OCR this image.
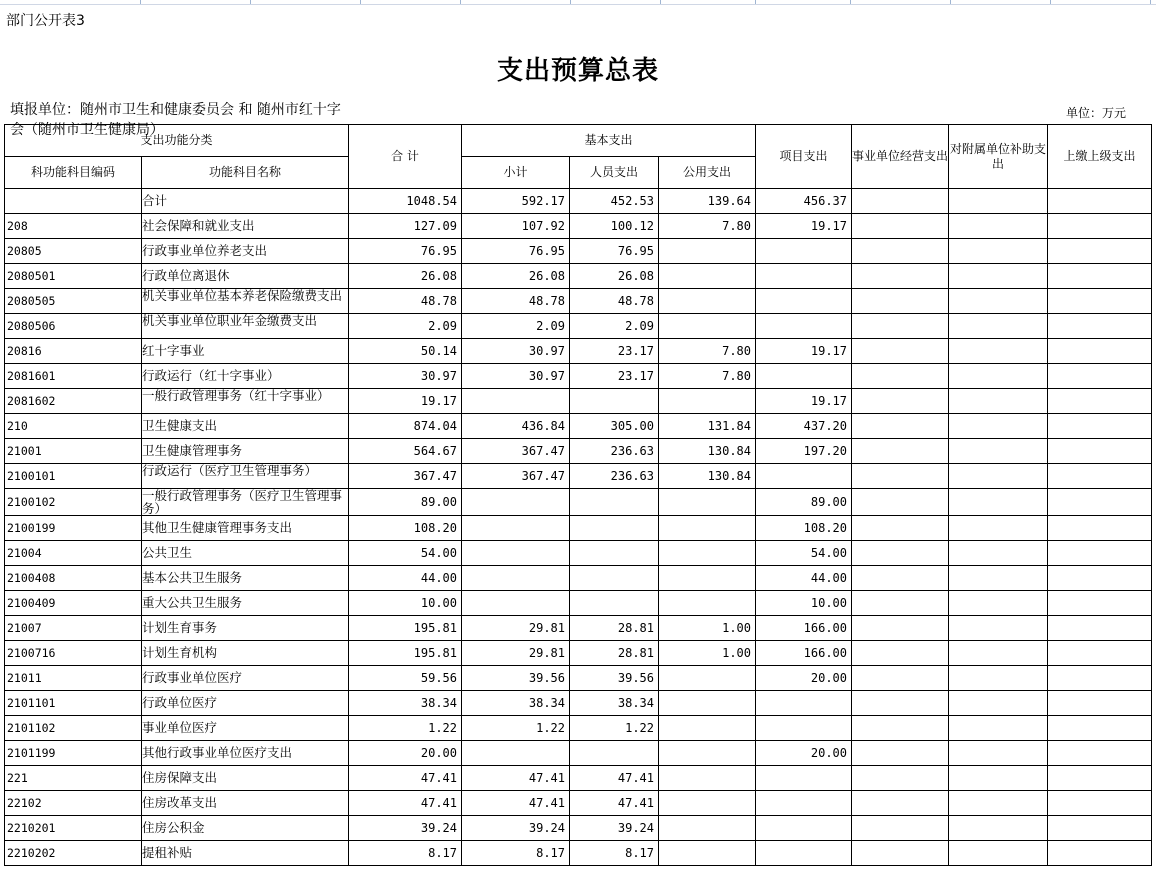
部门公开表3
支出预算总表
填报单位：随州市卫生和健康委员会 和 随州市红十字会（随州市卫生健康局）
单位：万元
支出功能分类		合 计	基本支出			项目支出	事业单位经营支出	对附属单位补助支出	上缴上级支出
科功能科目编码	功能科目名称		小计	人员支出	公用支出				
	合计	1048.54	592.17	452.53	139.64	456.37			
208	社会保障和就业支出	127.09	107.92	100.12	7.80	19.17			
20805	行政事业单位养老支出	76.95	76.95	76.95					
2080501	行政单位离退休	26.08	26.08	26.08					
2080505	机关事业单位基本养老保险缴费支出	48.78	48.78	48.78					
2080506	机关事业单位职业年金缴费支出	2.09	2.09	2.09					
20816	红十字事业	50.14	30.97	23.17	7.80	19.17			
2081601	行政运行（红十字事业）	30.97	30.97	23.17	7.80				
2081602	一般行政管理事务（红十字事业）	19.17				19.17			
210	卫生健康支出	874.04	436.84	305.00	131.84	437.20			
21001	卫生健康管理事务	564.67	367.47	236.63	130.84	197.20			
2100101	行政运行（医疗卫生管理事务）	367.47	367.47	236.63	130.84				
2100102	一般行政管理事务（医疗卫生管理事务）	89.00				89.00			
2100199	其他卫生健康管理事务支出	108.20				108.20			
21004	公共卫生	54.00				54.00			
2100408	基本公共卫生服务	44.00				44.00			
2100409	重大公共卫生服务	10.00				10.00			
21007	计划生育事务	195.81	29.81	28.81	1.00	166.00			
2100716	计划生育机构	195.81	29.81	28.81	1.00	166.00			
21011	行政事业单位医疗	59.56	39.56	39.56		20.00			
2101101	行政单位医疗	38.34	38.34	38.34					
2101102	事业单位医疗	1.22	1.22	1.22					
2101199	其他行政事业单位医疗支出	20.00				20.00			
221	住房保障支出	47.41	47.41	47.41					
22102	住房改革支出	47.41	47.41	47.41					
2210201	住房公积金	39.24	39.24	39.24					
2210202	提租补贴	8.17	8.17	8.17					
